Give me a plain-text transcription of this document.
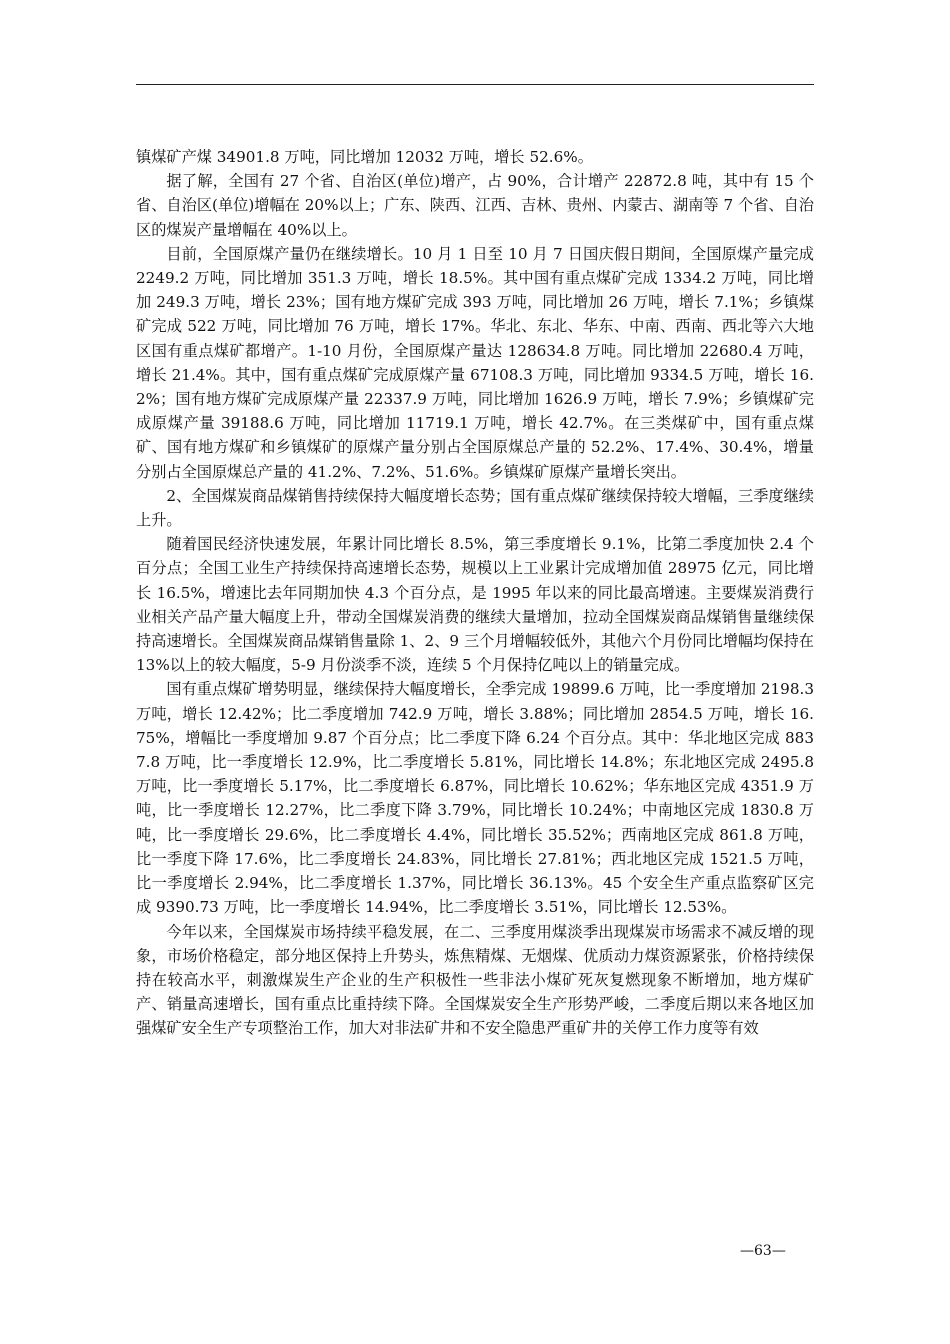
镇煤矿产煤 34901.8 万吨，同比增加 12032 万吨，增长 52.6%。

据了解，全国有 27 个省、自治区(单位)增产，占 90%，合计增产 22872.8 吨，其中有 15 个省、自治区(单位)增幅在 20%以上；广东、陕西、江西、吉林、贵州、内蒙古、湖南等 7 个省、自治区的煤炭产量增幅在 40%以上。

目前，全国原煤产量仍在继续增长。10 月 1 日至 10 月 7 日国庆假日期间，全国原煤产量完成 2249.2 万吨，同比增加 351.3 万吨，增长 18.5%。其中国有重点煤矿完成 1334.2 万吨，同比增加 249.3 万吨，增长 23%；国有地方煤矿完成 393 万吨，同比增加 26 万吨，增长 7.1%；乡镇煤矿完成 522 万吨，同比增加 76 万吨，增长 17%。华北、东北、华东、中南、西南、西北等六大地区国有重点煤矿都增产。1-10 月份，全国原煤产量达 128634.8 万吨。同比增加 22680.4 万吨，增长 21.4%。其中，国有重点煤矿完成原煤产量 67108.3 万吨，同比增加 9334.5 万吨，增长 16.2%；国有地方煤矿完成原煤产量 22337.9 万吨，同比增加 1626.9 万吨，增长 7.9%；乡镇煤矿完成原煤产量 39188.6 万吨，同比增加 11719.1 万吨，增长 42.7%。在三类煤矿中，国有重点煤矿、国有地方煤矿和乡镇煤矿的原煤产量分别占全国原煤总产量的 52.2%、17.4%、30.4%，增量分别占全国原煤总产量的 41.2%、7.2%、51.6%。乡镇煤矿原煤产量增长突出。

2、全国煤炭商品煤销售持续保持大幅度增长态势；国有重点煤矿继续保持较大增幅，三季度继续上升。

随着国民经济快速发展，年累计同比增长 8.5%，第三季度增长 9.1%，比第二季度加快 2.4 个百分点；全国工业生产持续保持高速增长态势，规模以上工业累计完成增加值 28975 亿元，同比增长 16.5%，增速比去年同期加快 4.3 个百分点，是 1995 年以来的同比最高增速。主要煤炭消费行业相关产品产量大幅度上升，带动全国煤炭消费的继续大量增加，拉动全国煤炭商品煤销售量继续保持高速增长。全国煤炭商品煤销售量除 1、2、9 三个月增幅较低外，其他六个月份同比增幅均保持在 13%以上的较大幅度，5-9 月份淡季不淡，连续 5 个月保持亿吨以上的销量完成。

国有重点煤矿增势明显，继续保持大幅度增长，全季完成 19899.6 万吨，比一季度增加 2198.3 万吨，增长 12.42%；比二季度增加 742.9 万吨，增长 3.88%；同比增加 2854.5 万吨，增长 16.75%，增幅比一季度增加 9.87 个百分点；比二季度下降 6.24 个百分点。其中：华北地区完成 8837.8 万吨，比一季度增长 12.9%，比二季度增长 5.81%，同比增长 14.8%；东北地区完成 2495.8 万吨，比一季度增长 5.17%，比二季度增长 6.87%，同比增长 10.62%；华东地区完成 4351.9 万吨，比一季度增长 12.27%，比二季度下降 3.79%，同比增长 10.24%；中南地区完成 1830.8 万吨，比一季度增长 29.6%，比二季度增长 4.4%，同比增长 35.52%；西南地区完成 861.8 万吨，比一季度下降 17.6%，比二季度增长 24.83%，同比增长 27.81%；西北地区完成 1521.5 万吨，比一季度增长 2.94%，比二季度增长 1.37%，同比增长 36.13%。45 个安全生产重点监察矿区完成 9390.73 万吨，比一季度增长 14.94%，比二季度增长 3.51%，同比增长 12.53%。

今年以来，全国煤炭市场持续平稳发展，在二、三季度用煤淡季出现煤炭市场需求不减反增的现象，市场价格稳定，部分地区保持上升势头，炼焦精煤、无烟煤、优质动力煤资源紧张，价格持续保持在较高水平，刺激煤炭生产企业的生产积极性一些非法小煤矿死灰复燃现象不断增加，地方煤矿产、销量高速增长，国有重点比重持续下降。全国煤炭安全生产形势严峻，二季度后期以来各地区加强煤矿安全生产专项整治工作，加大对非法矿井和不安全隐患严重矿井的关停工作力度等有效

—63—
